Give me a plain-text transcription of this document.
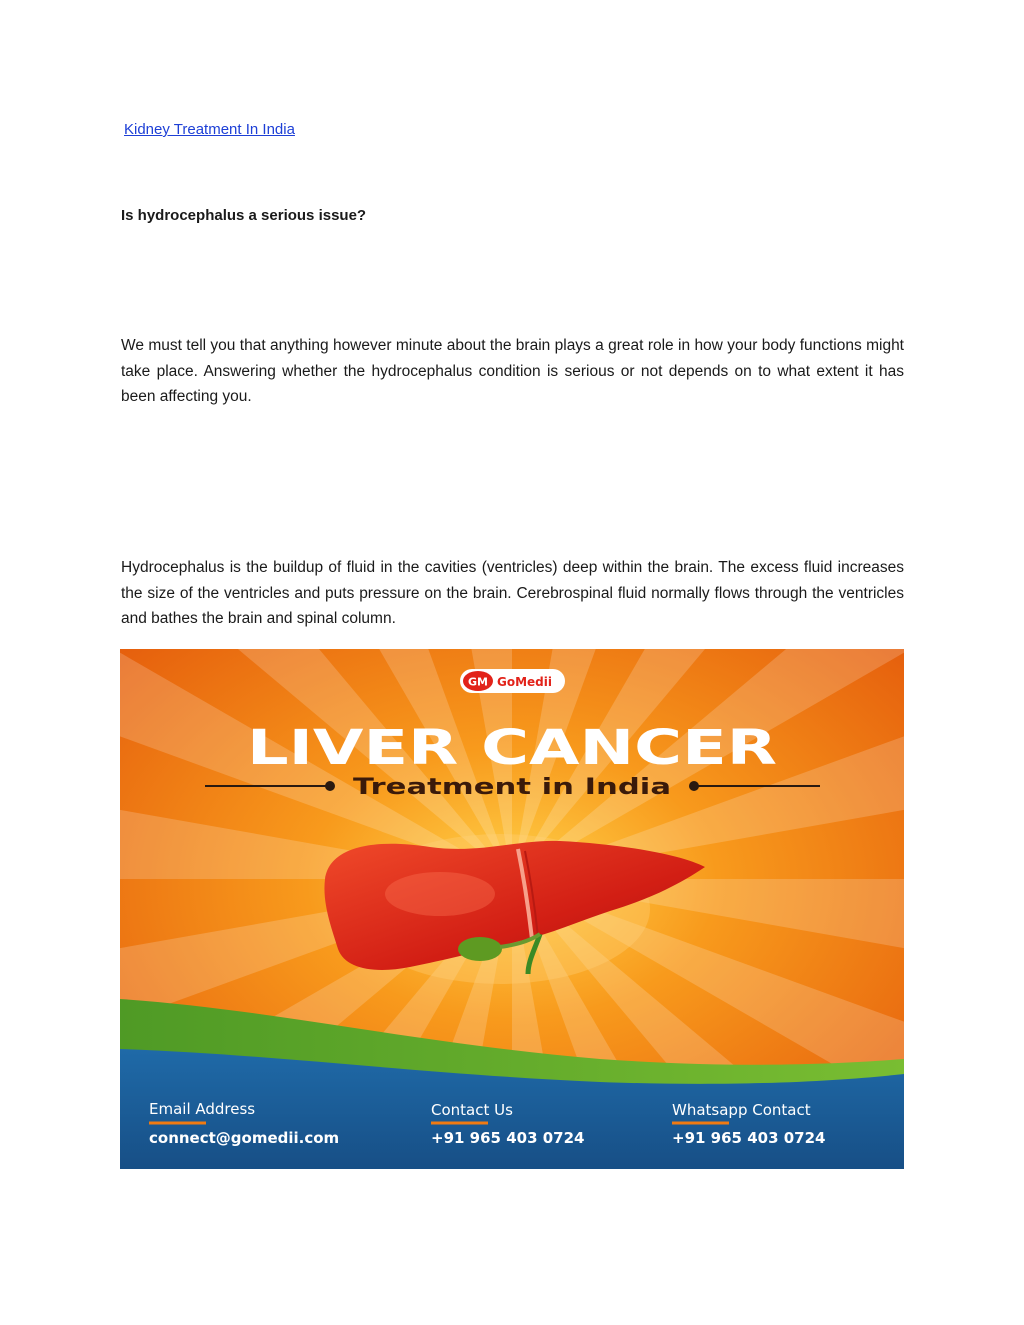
Kidney Treatment In India
Is hydrocephalus a serious issue?

We must tell you that anything however minute about the brain plays a great role in how your body functions might take place. Answering whether the hydrocephalus condition is serious or not depends on to what extent it has been affecting you.

Hydrocephalus is the buildup of fluid in the cavities (ventricles) deep within the brain. The excess fluid increases the size of the ventricles and puts pressure on the brain. Cerebrospinal fluid normally flows through the ventricles and bathes the brain and spinal column.

GM GoMedii
LIVER CANCER
Treatment in India
Email Address
connect@gomedii.com
Contact Us
+91 965 403 0724
Whatsapp Contact
+91 965 403 0724
